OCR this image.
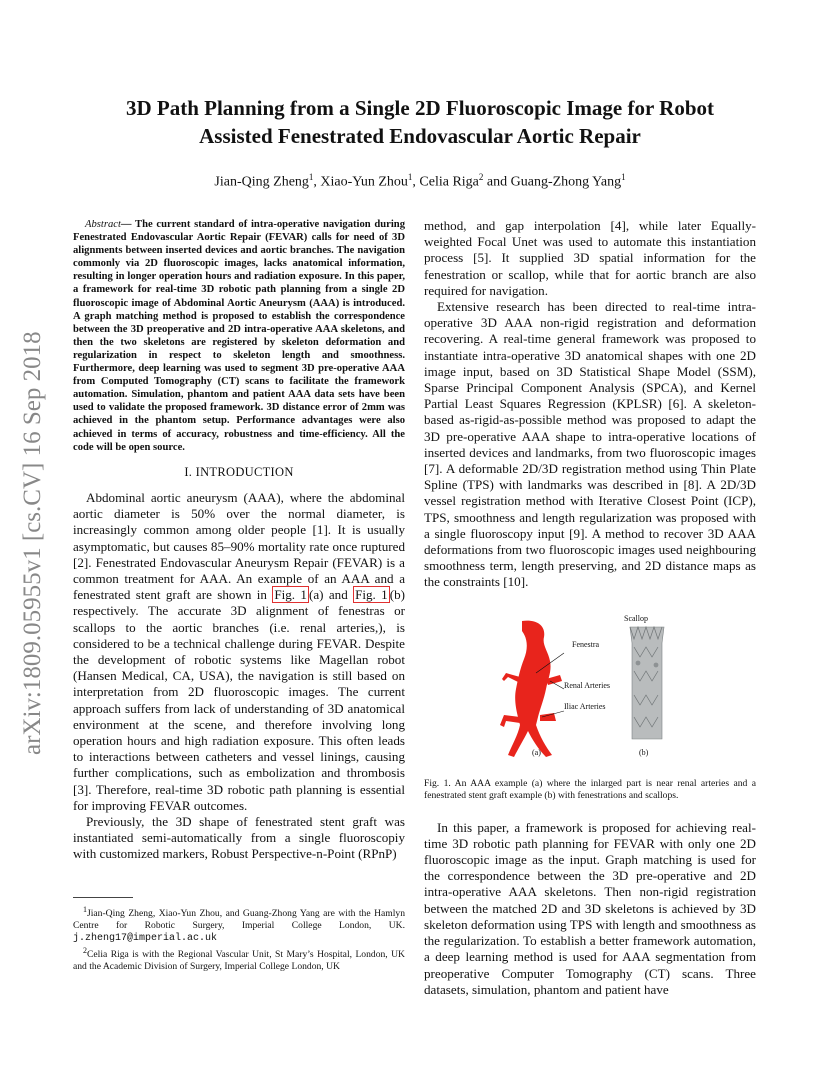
arXiv:1809.05955v1 [cs.CV] 16 Sep 2018
3D Path Planning from a Single 2D Fluoroscopic Image for Robot
Assisted Fenestrated Endovascular Aortic Repair

Jian-Qing Zheng$^1$, Xiao-Yun Zhou$^1$, Celia Riga$^2$ and Guang-Zhong Yang$^1$

Abstract— The current standard of intra-operative navigation during Fenestrated Endovascular Aortic Repair (FEVAR) calls for need of 3D alignments between inserted devices and aortic branches. The navigation commonly via 2D fluoroscopic images, lacks anatomical information, resulting in longer operation hours and radiation exposure. In this paper, a framework for real-time 3D robotic path planning from a single 2D fluoroscopic image of Abdominal Aortic Aneurysm (AAA) is introduced. A graph matching method is proposed to establish the correspondence between the 3D preoperative and 2D intra-operative AAA skeletons, and then the two skeletons are registered by skeleton deformation and regularization in respect to skeleton length and smoothness. Furthermore, deep learning was used to segment 3D pre-operative AAA from Computed Tomography (CT) scans to facilitate the framework automation. Simulation, phantom and patient AAA data sets have been used to validate the proposed framework. 3D distance error of 2mm was achieved in the phantom setup. Performance advantages were also achieved in terms of accuracy, robustness and time-efficiency. All the code will be open source.

I. INTRODUCTION

Abdominal aortic aneurysm (AAA), where the abdominal aortic diameter is 50% over the normal diameter, is increasingly common among older people [1]. It is usually asymptomatic, but causes 85–90% mortality rate once ruptured [2]. Fenestrated Endovascular Aneurysm Repair (FEVAR) is a common treatment for AAA. An example of an AAA and a fenestrated stent graft are shown in Fig. 1 (a) and Fig. 1 (b) respectively. The accurate 3D alignment of fenestras or scallops to the aortic branches (i.e. renal arteries,), is considered to be a technical challenge during FEVAR. Despite the development of robotic systems like Magellan robot (Hansen Medical, CA, USA), the navigation is still based on interpretation from 2D fluoroscopic images. The current approach suffers from lack of understanding of 3D anatomical environment at the scene, and therefore involving long operation hours and high radiation exposure. This often leads to interactions between catheters and vessel linings, causing further complications, such as embolization and thrombosis [3]. Therefore, real-time 3D robotic path planning is essential for improving FEVAR outcomes.

Previously, the 3D shape of fenestrated stent graft was instantiated semi-automatically from a single fluoroscopiy with customized markers, Robust Perspective-n-Point (RPnP)

$^1$Jian-Qing Zheng, Xiao-Yun Zhou, and Guang-Zhong Yang are with the Hamlyn Centre for Robotic Surgery, Imperial College London, UK. j.zheng17@imperial.ac.uk

$^2$Celia Riga is with the Regional Vascular Unit, St Mary’s Hospital, London, UK and the Academic Division of Surgery, Imperial College London, UK

method, and gap interpolation [4], while later Equally-weighted Focal Unet was used to automate this instantiation process [5]. It supplied 3D spatial information for the fenestration or scallop, while that for aortic branch are also required for navigation.

Extensive research has been directed to real-time intra-operative 3D AAA non-rigid registration and deformation recovering. A real-time general framework was proposed to instantiate intra-operative 3D anatomical shapes with one 2D image input, based on 3D Statistical Shape Model (SSM), Sparse Principal Component Analysis (SPCA), and Kernel Partial Least Squares Regression (KPLSR) [6]. A skeleton-based as-rigid-as-possible method was proposed to adapt the 3D pre-operative AAA shape to intra-operative locations of inserted devices and landmarks, from two fluoroscopic images [7]. A deformable 2D/3D registration method using Thin Plate Spline (TPS) with landmarks was described in [8]. A 2D/3D vessel registration method with Iterative Closest Point (ICP), TPS, smoothness and length regularization was proposed with a single fluoroscopy input [9]. A method to recover 3D AAA deformations from two fluoroscopic images used neighbouring smoothness term, length preserving, and 2D distance maps as the constraints [10].

Fenestra
Renal Arteries
Iliac Arteries
(a)
Scallop
(b)

Fig. 1. An AAA example (a) where the inlarged part is near renal arteries and a fenestrated stent graft example (b) with fenestrations and scallops.

In this paper, a framework is proposed for achieving real-time 3D robotic path planning for FEVAR with only one 2D fluoroscopic image as the input. Graph matching is used for the correspondence between the 3D pre-operative and 2D intra-operative AAA skeletons. Then non-rigid registration between the matched 2D and 3D skeletons is achieved by 3D skeleton deformation using TPS with length and smoothness as the regularization. To establish a better framework automation, a deep learning method is used for AAA segmentation from preoperative Computer Tomography (CT) scans. Three datasets, simulation, phantom and patient have
